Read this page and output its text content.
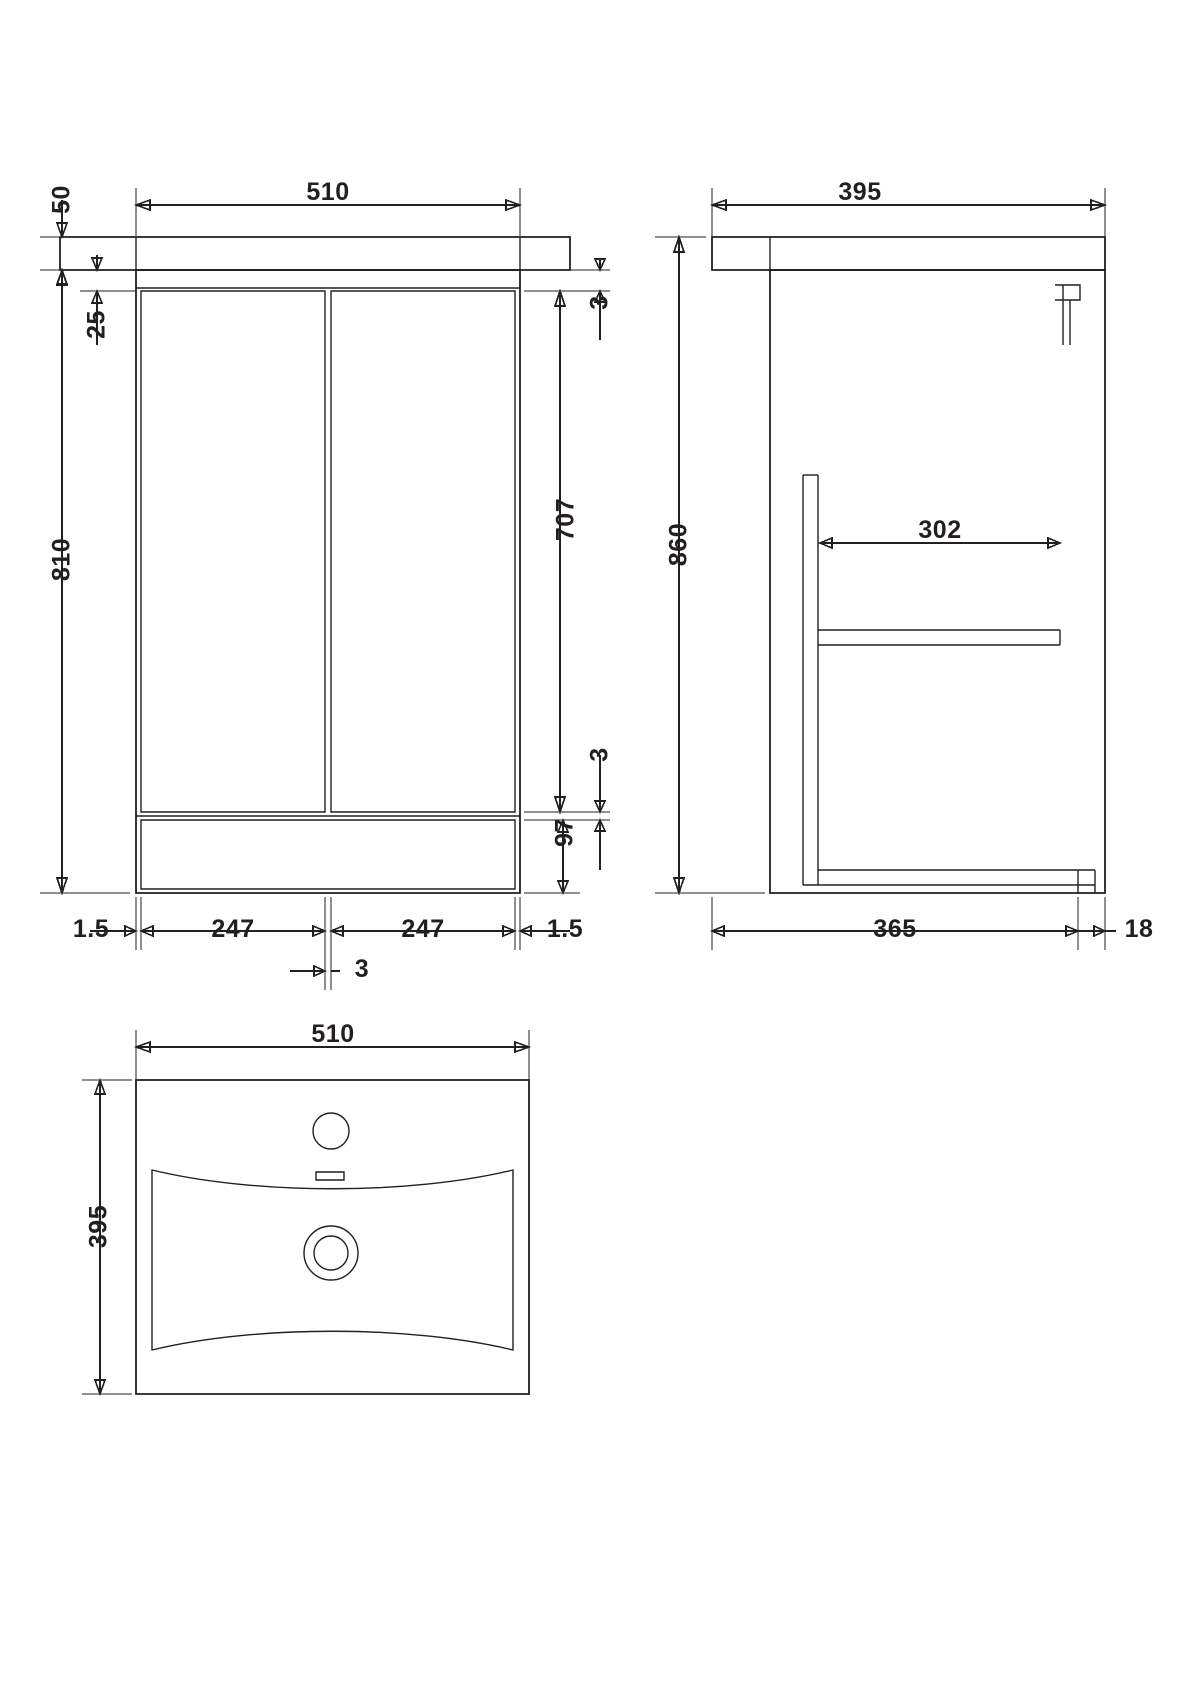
510
50
25
810
3
707
3
97
1.5	247	247	1.5
3
395
860	302
365	18
510
395
